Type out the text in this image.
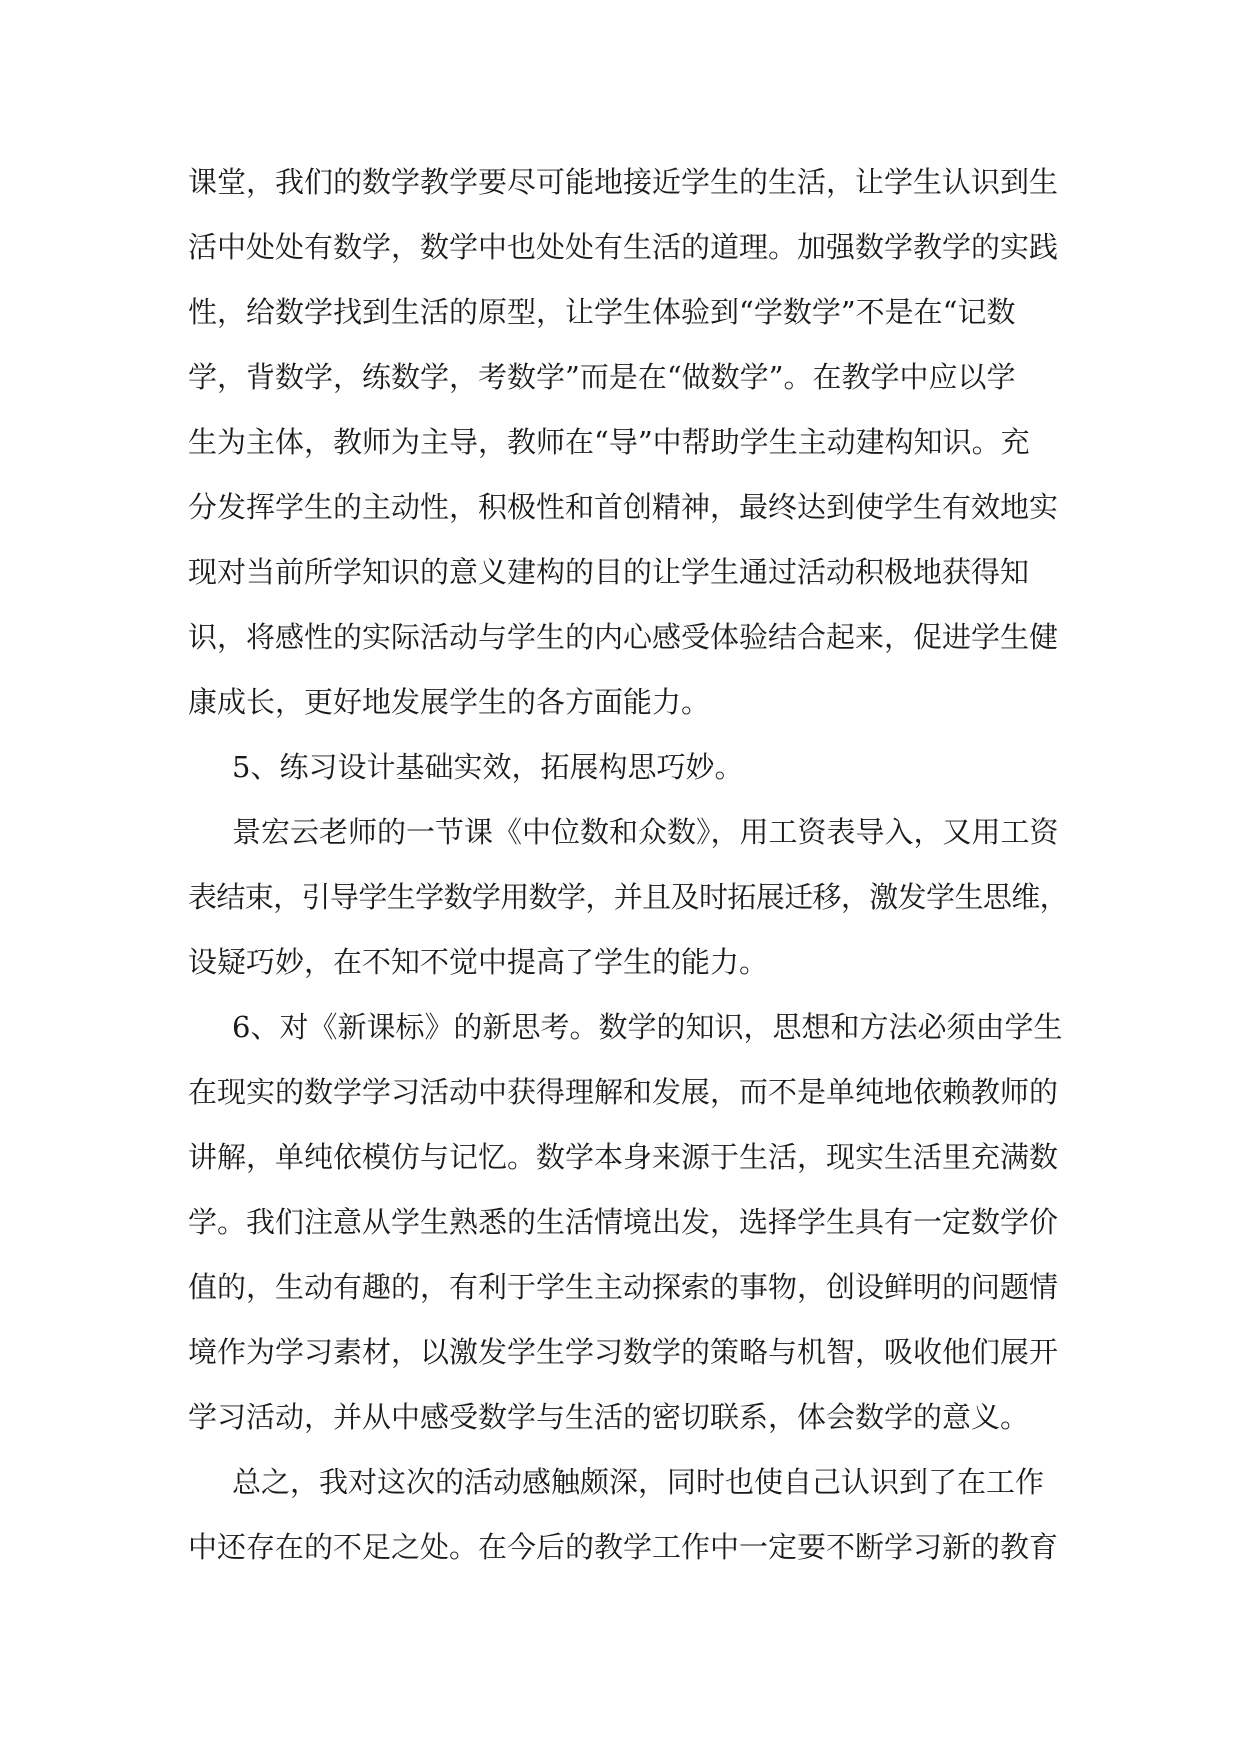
课堂，我们的数学教学要尽可能地接近学生的生活，让学生认识到生
活中处处有数学，数学中也处处有生活的道理。加强数学教学的实践
性，给数学找到生活的原型，让学生体验到“学数学”不是在“记数
学，背数学，练数学，考数学”而是在“做数学”。在教学中应以学
生为主体，教师为主导，教师在“导”中帮助学生主动建构知识。充
分发挥学生的主动性，积极性和首创精神，最终达到使学生有效地实
现对当前所学知识的意义建构的目的让学生通过活动积极地获得知
识，将感性的实际活动与学生的内心感受体验结合起来，促进学生健
康成长，更好地发展学生的各方面能力。
5、练习设计基础实效，拓展构思巧妙。
景宏云老师的一节课《中位数和众数》，用工资表导入，又用工资
表结束，引导学生学数学用数学，并且及时拓展迁移，激发学生思维，
设疑巧妙，在不知不觉中提高了学生的能力。
6、对《新课标》的新思考。数学的知识，思想和方法必须由学生
在现实的数学学习活动中获得理解和发展，而不是单纯地依赖教师的
讲解，单纯依模仿与记忆。数学本身来源于生活，现实生活里充满数
学。我们注意从学生熟悉的生活情境出发，选择学生具有一定数学价
值的，生动有趣的，有利于学生主动探索的事物，创设鲜明的问题情
境作为学习素材，以激发学生学习数学的策略与机智，吸收他们展开
学习活动，并从中感受数学与生活的密切联系，体会数学的意义。
总之，我对这次的活动感触颇深，同时也使自己认识到了在工作
中还存在的不足之处。在今后的教学工作中一定要不断学习新的教育
